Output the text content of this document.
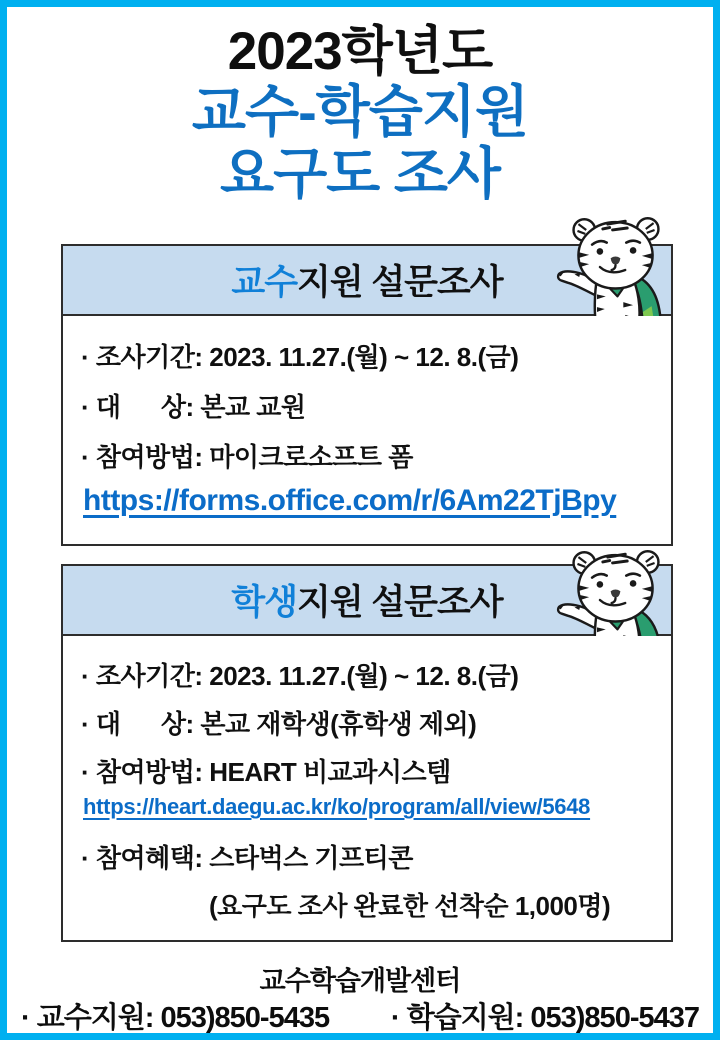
2023학년도
교수-학습지원
요구도 조사
교수지원 설문조사
· 조사기간: 2023. 11.27.(월) ~ 12. 8.(금)
· 대      상: 본교 교원
· 참여방법: 마이크로소프트 폼
https://forms.office.com/r/6Am22TjBpy
학생지원 설문조사
· 조사기간: 2023. 11.27.(월) ~ 12. 8.(금)
· 대      상: 본교 재학생(휴학생 제외)
· 참여방법: HEART 비교과시스템
https://heart.daegu.ac.kr/ko/program/all/view/5648
· 참여혜택: 스타벅스 기프티콘
(요구도 조사 완료한 선착순 1,000명)
교수학습개발센터
· 교수지원: 053)850-5435 · 학습지원: 053)850-5437
